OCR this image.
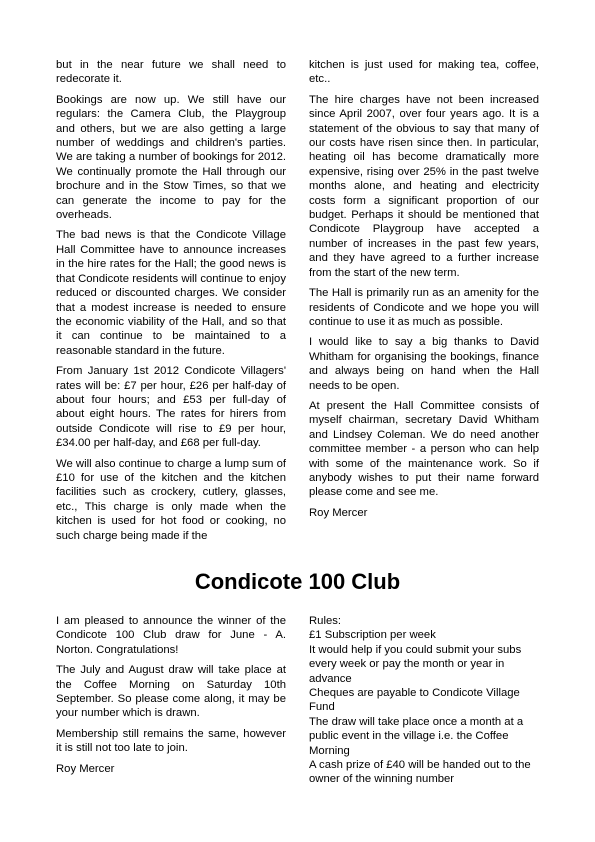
but in the near future we shall need to redecorate it.

Bookings are now up. We still have our regulars: the Camera Club, the Playgroup and others, but we are also getting a large number of weddings and children's parties. We are taking a number of bookings for 2012. We continually promote the Hall through our brochure and in the Stow Times, so that we can generate the income to pay for the overheads.

The bad news is that the Condicote Village Hall Committee have to announce increases in the hire rates for the Hall; the good news is that Condicote residents will continue to enjoy reduced or discounted charges. We consider that a modest increase is needed to ensure the economic viability of the Hall, and so that it can continue to be maintained to a reasonable standard in the future.

From January 1st 2012 Condicote Villagers' rates will be: £7 per hour, £26 per half-day of about four hours; and £53 per full-day of about eight hours. The rates for hirers from outside Condicote will rise to £9 per hour, £34.00 per half-day, and £68 per full-day.

We will also continue to charge a lump sum of £10 for use of the kitchen and the kitchen facilities such as crockery, cutlery, glasses, etc., This charge is only made when the kitchen is used for hot food or cooking, no such charge being made if the

kitchen is just used for making tea, coffee, etc..

The hire charges have not been increased since April 2007, over four years ago. It is a statement of the obvious to say that many of our costs have risen since then. In particular, heating oil has become dramatically more expensive, rising over 25% in the past twelve months alone, and heating and electricity costs form a significant proportion of our budget. Perhaps it should be mentioned that Condicote Playgroup have accepted a number of increases in the past few years, and they have agreed to a further increase from the start of the new term.

The Hall is primarily run as an amenity for the residents of Condicote and we hope you will continue to use it as much as possible.

I would like to say a big thanks to David Whitham for organising the bookings, finance and always being on hand when the Hall needs to be open.

At present the Hall Committee consists of myself chairman, secretary David Whitham and Lindsey Coleman. We do need another committee member - a person who can help with some of the maintenance work. So if anybody wishes to put their name forward please come and see me.

Roy Mercer

Condicote 100 Club

I am pleased to announce the winner of the Condicote 100 Club draw for June - A. Norton. Congratulations!

The July and August draw will take place at the Coffee Morning on Saturday 10th September. So please come along, it may be your number which is drawn.

Membership still remains the same, however it is still not too late to join.

Roy Mercer

Rules:

£1 Subscription per week

It would help if you could submit your subs every week or pay the month or year in advance

Cheques are payable to Condicote Village Fund

The draw will take place once a month at a public event in the village i.e. the Coffee Morning

A cash prize of £40 will be handed out to the owner of the winning number
